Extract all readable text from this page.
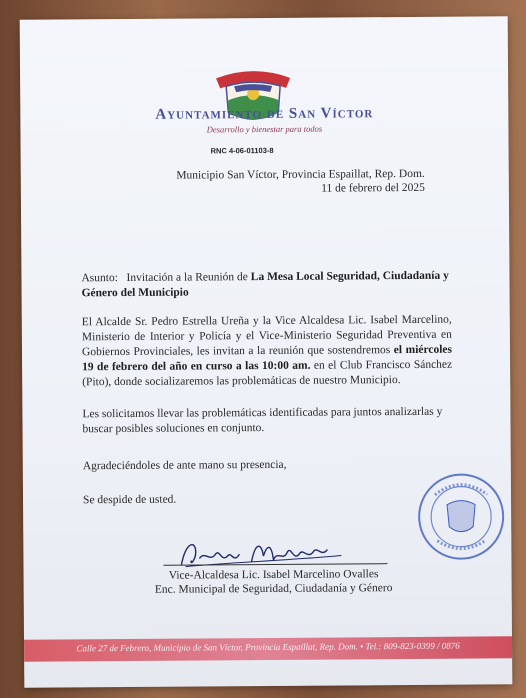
Ayuntamiento de San Víctor
Desarrollo y bienestar para todos
RNC 4-06-01103-8
Municipio San Víctor, Provincia Espaillat, Rep. Dom.
11 de febrero del 2025
Asunto: Invitación a la Reunión de La Mesa Local Seguridad, Ciudadanía y Género del Municipio
El Alcalde Sr. Pedro Estrella Ureña y la Vice Alcaldesa Lic. Isabel Marcelino, Ministerio de Interior y Policía y el Vice-Ministerio Seguridad Preventiva en Gobiernos Provinciales, les invitan a la reunión que sostendremos el miércoles 19 de febrero del año en curso a las 10:00 am. en el Club Francisco Sánchez (Pito), donde socializaremos las problemáticas de nuestro Municipio.
Les solicitamos llevar las problemáticas identificadas para juntos analizarlas y buscar posibles soluciones en conjunto.
Agradeciéndoles de ante mano su presencia,
Se despide de usted.
Vice-Alcaldesa Lic. Isabel Marcelino Ovalles
Enc. Municipal de Seguridad, Ciudadanía y Género
Calle 27 de Febrero, Municipio de San Víctor, Provincia Espaillat, Rep. Dom. • Tel.: 809-823-0399 / 0876
